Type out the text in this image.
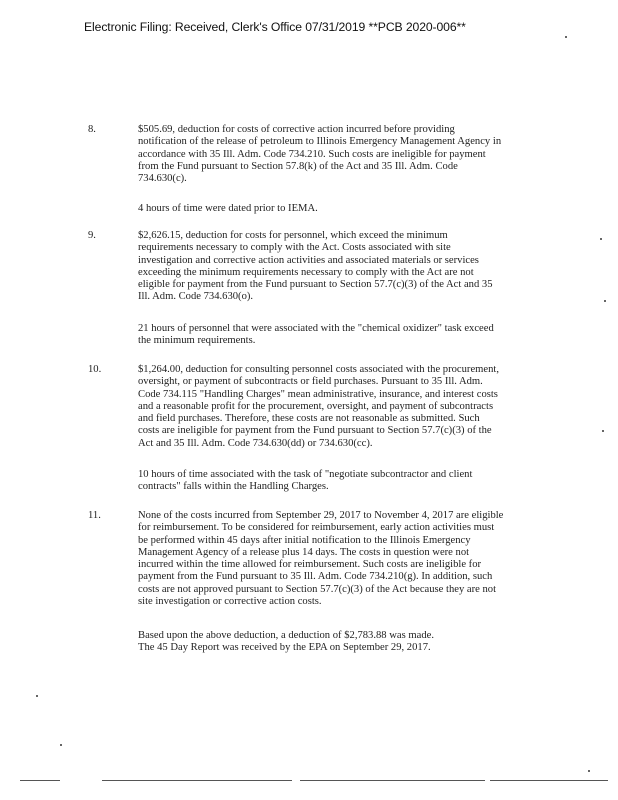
Electronic Filing: Received, Clerk's Office 07/31/2019 **PCB 2020-006**
8.	$505.69, deduction for costs of corrective action incurred before providing
notification of the release of petroleum to Illinois Emergency Management Agency in
accordance with 35 Ill. Adm. Code 734.210. Such costs are ineligible for payment
from the Fund pursuant to Section 57.8(k) of the Act and 35 Ill. Adm. Code
734.630(c).

4 hours of time were dated prior to IEMA.

9.	$2,626.15, deduction for costs for personnel, which exceed the minimum
requirements necessary to comply with the Act. Costs associated with site
investigation and corrective action activities and associated materials or services
exceeding the minimum requirements necessary to comply with the Act are not
eligible for payment from the Fund pursuant to Section 57.7(c)(3) of the Act and 35
Ill. Adm. Code 734.630(o).

21 hours of personnel that were associated with the "chemical oxidizer" task exceed
the minimum requirements.

10.	$1,264.00, deduction for consulting personnel costs associated with the procurement,
oversight, or payment of subcontracts or field purchases. Pursuant to 35 Ill. Adm.
Code 734.115 "Handling Charges" mean administrative, insurance, and interest costs
and a reasonable profit for the procurement, oversight, and payment of subcontracts
and field purchases. Therefore, these costs are not reasonable as submitted. Such
costs are ineligible for payment from the Fund pursuant to Section 57.7(c)(3) of the
Act and 35 Ill. Adm. Code 734.630(dd) or 734.630(cc).

10 hours of time associated with the task of "negotiate subcontractor and client
contracts" falls within the Handling Charges.

11.	None of the costs incurred from September 29, 2017 to November 4, 2017 are eligible
for reimbursement. To be considered for reimbursement, early action activities must
be performed within 45 days after initial notification to the Illinois Emergency
Management Agency of a release plus 14 days. The costs in question were not
incurred within the time allowed for reimbursement. Such costs are ineligible for
payment from the Fund pursuant to 35 Ill. Adm. Code 734.210(g). In addition, such
costs are not approved pursuant to Section 57.7(c)(3) of the Act because they are not
site investigation or corrective action costs.

Based upon the above deduction, a deduction of $2,783.88 was made.
The 45 Day Report was received by the EPA on September 29, 2017.
